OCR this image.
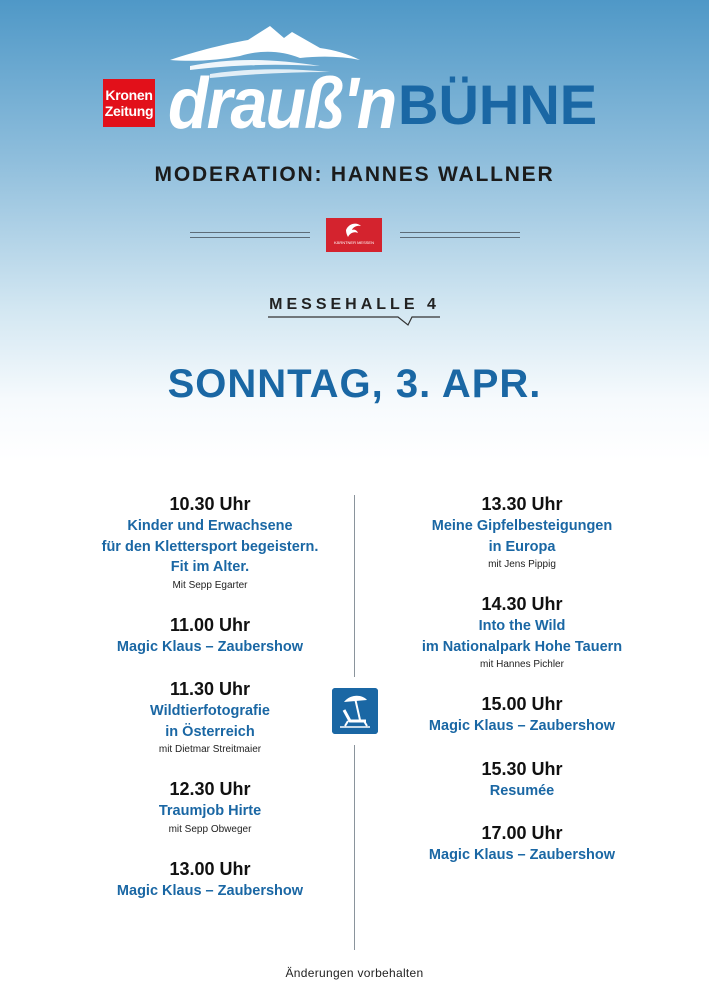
Kronen
Zeitung drauß'n BÜHNE
MODERATION: HANNES WALLNER
KÄRNTNER MESSEN
MESSEHALLE 4
SONNTAG, 3. APR.
10.30 Uhr
Kinder und Erwachsene
für den Klettersport begeistern.
Fit im Alter.
Mit Sepp Egarter
11.00 Uhr
Magic Klaus – Zaubershow
11.30 Uhr
Wildtierfotografie
in Österreich
mit Dietmar Streitmaier
12.30 Uhr
Traumjob Hirte
mit Sepp Obweger
13.00 Uhr
Magic Klaus – Zaubershow
13.30 Uhr
Meine Gipfelbesteigungen
in Europa
mit Jens Pippig
14.30 Uhr
Into the Wild
im Nationalpark Hohe Tauern
mit Hannes Pichler
15.00 Uhr
Magic Klaus – Zaubershow
15.30 Uhr
Resumée
17.00 Uhr
Magic Klaus – Zaubershow
Änderungen vorbehalten
